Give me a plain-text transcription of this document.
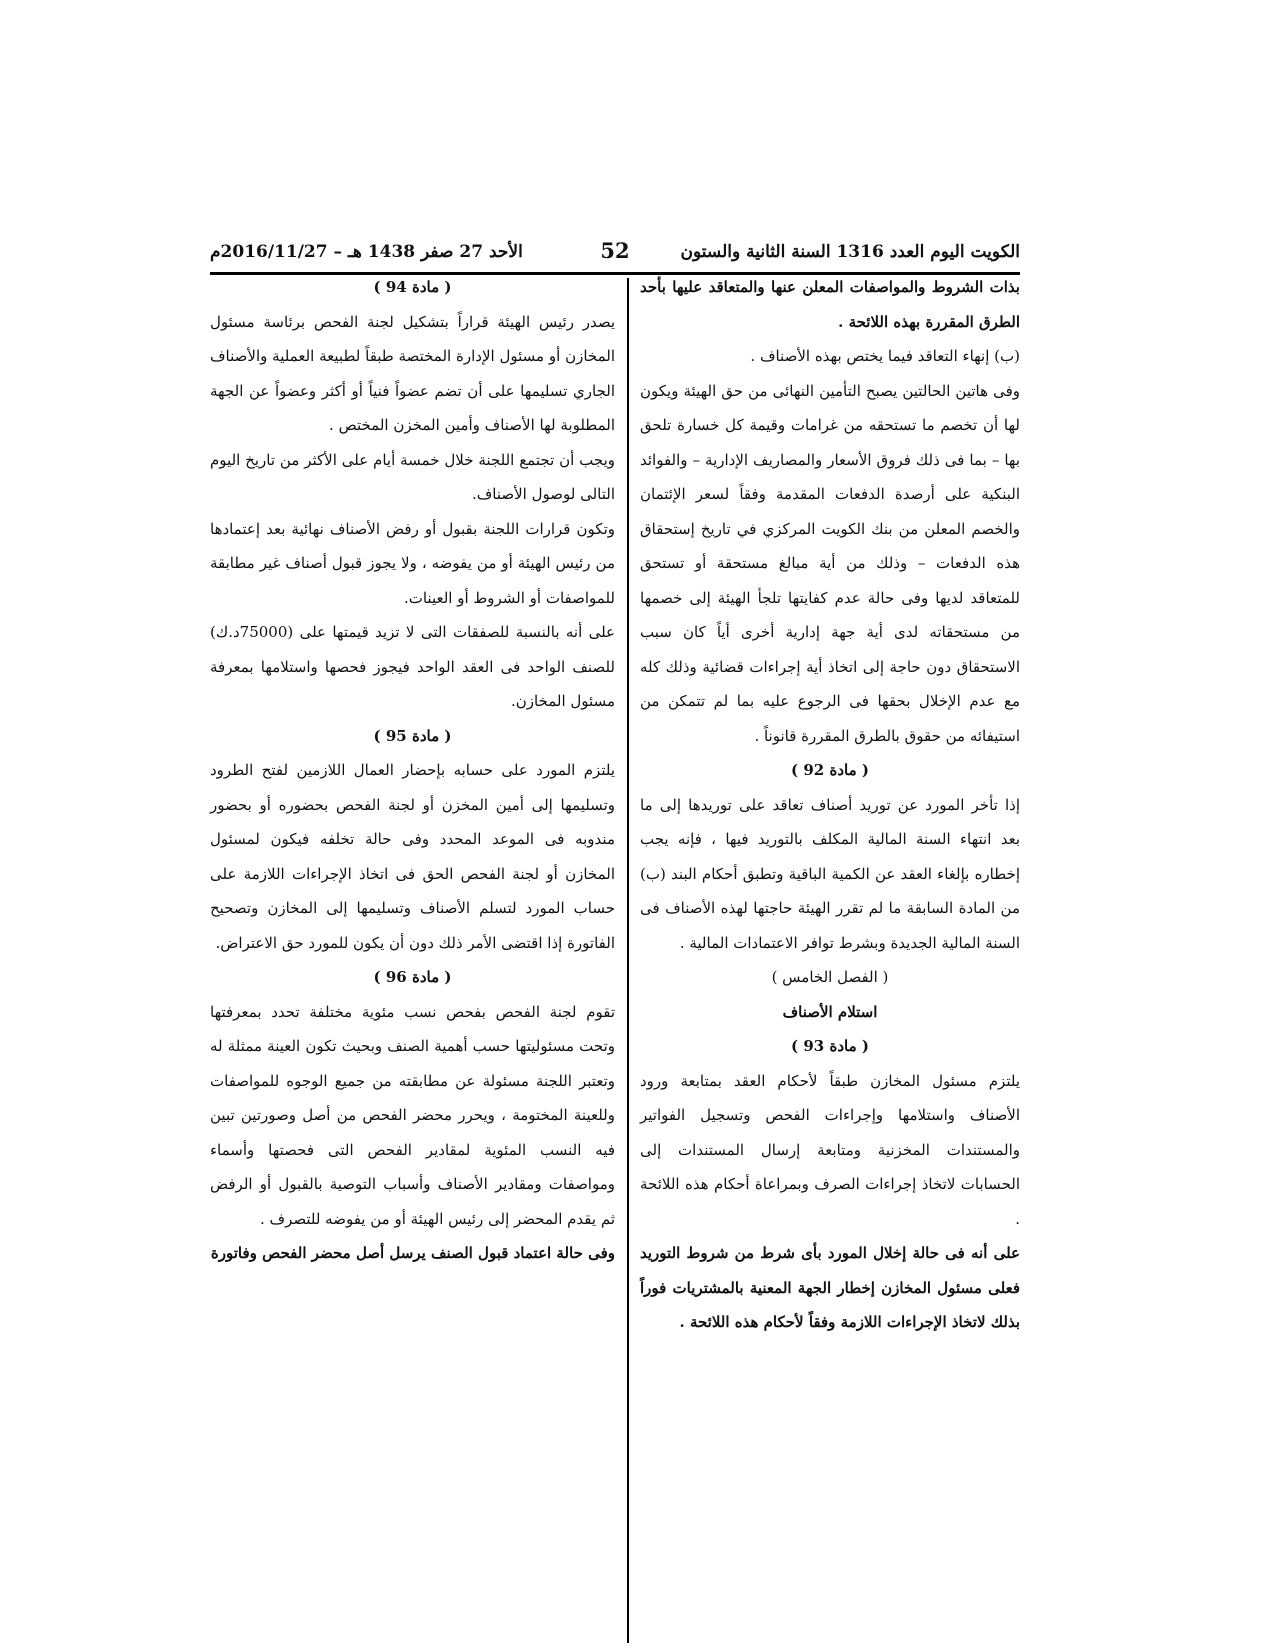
الكويت اليوم العدد 1316 السنة الثانية والستون
52
الأحد 27 صفر 1438 هـ – 2016/11/27م

بذات الشروط والمواصفات المعلن عنها والمتعاقد عليها بأحد الطرق المقررة بهذه اللائحة .

(ب) إنهاء التعاقد فيما يختص بهذه الأصناف .

وفى هاتين الحالتين يصبح التأمين النهائى من حق الهيئة ويكون لها أن تخصم ما تستحقه من غرامات وقيمة كل خسارة تلحق بها – بما فى ذلك فروق الأسعار والمصاريف الإدارية – والفوائد البنكية على أرصدة الدفعات المقدمة وفقاً لسعر الإئتمان والخصم المعلن من بنك الكويت المركزي في تاريخ إستحقاق هذه الدفعات – وذلك من أية مبالغ مستحقة أو تستحق للمتعاقد لديها وفى حالة عدم كفايتها تلجأ الهيئة إلى خصمها من مستحقاته لدى أية جهة إدارية أخرى أياً كان سبب الاستحقاق دون حاجة إلى اتخاذ أية إجراءات قضائية وذلك كله مع عدم الإخلال بحقها فى الرجوع عليه بما لم تتمكن من استيفائه من حقوق بالطرق المقررة قانوناً .

( مادة 92 )

إذا تأخر المورد عن توريد أصناف تعاقد على توريدها إلى ما بعد انتهاء السنة المالية المكلف بالتوريد فيها ، فإنه يجب إخطاره بإلغاء العقد عن الكمية الباقية وتطبق أحكام البند (ب) من المادة السابقة ما لم تقرر الهيئة حاجتها لهذه الأصناف فى السنة المالية الجديدة وبشرط توافر الاعتمادات المالية .

( الفصل الخامس )

استلام الأصناف

( مادة 93 )

يلتزم مسئول المخازن طبقاً لأحكام العقد بمتابعة ورود الأصناف واستلامها وإجراءات الفحص وتسجيل الفواتير والمستندات المخزنية ومتابعة إرسال المستندات إلى الحسابات لاتخاذ إجراءات الصرف وبمراعاة أحكام هذه اللائحة .

على أنه فى حالة إخلال المورد بأى شرط من شروط التوريد فعلى مسئول المخازن إخطار الجهة المعنية بالمشتريات فوراً بذلك لاتخاذ الإجراءات اللازمة وفقاً لأحكام هذه اللائحة .

( مادة 94 )

يصدر رئيس الهيئة قراراً بتشكيل لجنة الفحص برئاسة مسئول المخازن أو مسئول الإدارة المختصة طبقاً لطبيعة العملية والأصناف الجاري تسليمها على أن تضم عضواً فنياً أو أكثر وعضواً عن الجهة المطلوبة لها الأصناف وأمين المخزن المختص .

ويجب أن تجتمع اللجنة خلال خمسة أيام على الأكثر من تاريخ اليوم التالى لوصول الأصناف.

وتكون قرارات اللجنة بقبول أو رفض الأصناف نهائية بعد إعتمادها من رئيس الهيئة أو من يفوضه ، ولا يجوز قبول أصناف غير مطابقة للمواصفات أو الشروط أو العينات.

على أنه بالنسبة للصفقات التى لا تزيد قيمتها على (75000د.ك) للصنف الواحد فى العقد الواحد فيجوز فحصها واستلامها بمعرفة مسئول المخازن.

( مادة 95 )

يلتزم المورد على حسابه بإحضار العمال اللازمين لفتح الطرود وتسليمها إلى أمين المخزن أو لجنة الفحص بحضوره أو بحضور مندوبه فى الموعد المحدد وفى حالة تخلفه فيكون لمسئول المخازن أو لجنة الفحص الحق فى اتخاذ الإجراءات اللازمة على حساب المورد لتسلم الأصناف وتسليمها إلى المخازن وتصحيح الفاتورة إذا اقتضى الأمر ذلك دون أن يكون للمورد حق الاعتراض.

( مادة 96 )

تقوم لجنة الفحص بفحص نسب مئوية مختلفة تحدد بمعرفتها وتحت مسئوليتها حسب أهمية الصنف وبحيث تكون العينة ممثلة له وتعتبر اللجنة مسئولة عن مطابقته من جميع الوجوه للمواصفات وللعينة المختومة ، ويحرر محضر الفحص من أصل وصورتين تبين فيه النسب المئوية لمقادير الفحص التى فحصتها وأسماء ومواصفات ومقادير الأصناف وأسباب التوصية بالقبول أو الرفض ثم يقدم المحضر إلى رئيس الهيئة أو من يفوضه للتصرف .

وفى حالة اعتماد قبول الصنف يرسل أصل محضر الفحص وفاتورة
